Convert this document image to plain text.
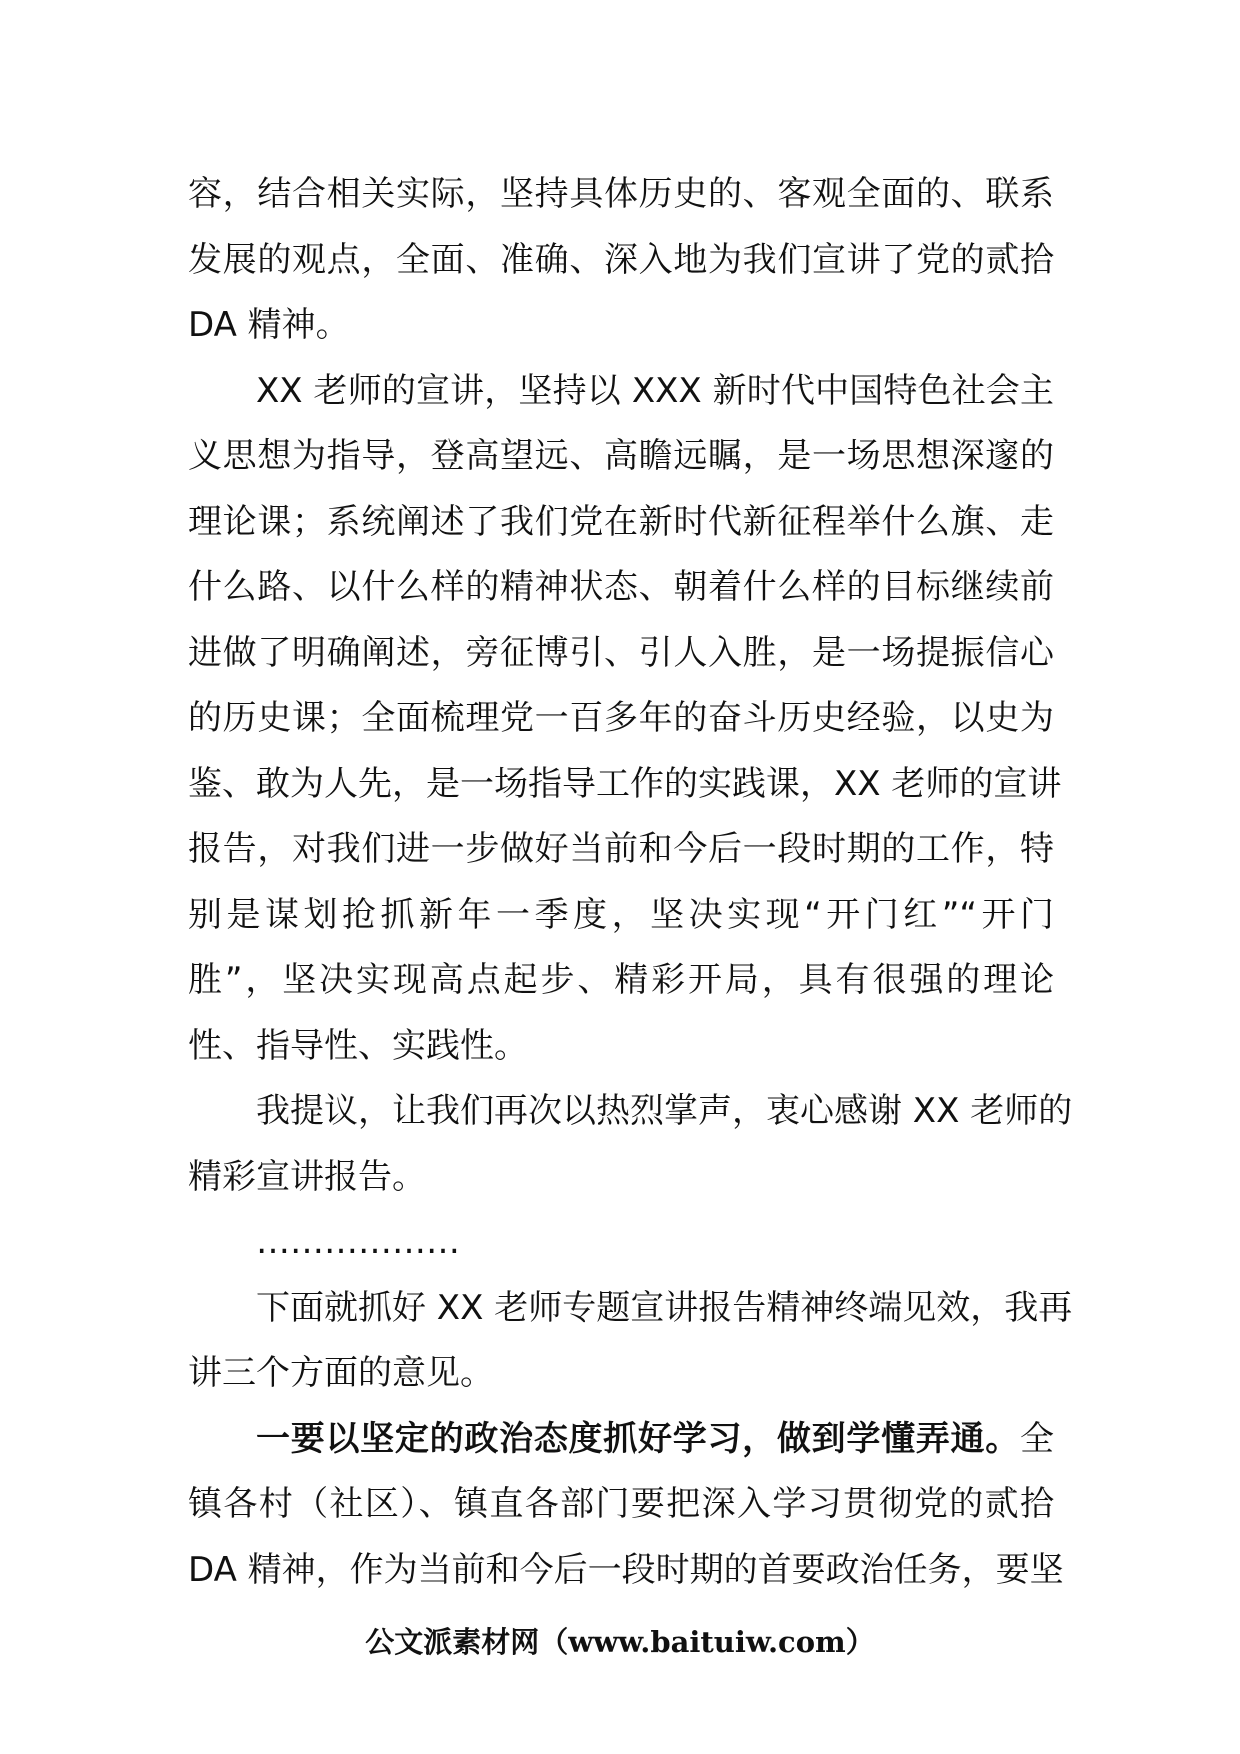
容，结合相关实际，坚持具体历史的、客观全面的、联系
发展的观点，全面、准确、深入地为我们宣讲了党的贰拾
DA 精神。
XX 老师的宣讲，坚持以 XXX 新时代中国特色社会主
义思想为指导，登高望远、高瞻远瞩，是一场思想深邃的
理论课；系统阐述了我们党在新时代新征程举什么旗、走
什么路、以什么样的精神状态、朝着什么样的目标继续前
进做了明确阐述，旁征博引、引人入胜，是一场提振信心
的历史课；全面梳理党一百多年的奋斗历史经验，以史为
鉴、敢为人先，是一场指导工作的实践课，XX 老师的宣讲
报告，对我们进一步做好当前和今后一段时期的工作，特
别是谋划抢抓新年一季度，坚决实现“开门红”“开门
胜”，坚决实现高点起步、精彩开局，具有很强的理论
性、指导性、实践性。
我提议，让我们再次以热烈掌声，衷心感谢 XX 老师的
精彩宣讲报告。
………………
下面就抓好 XX 老师专题宣讲报告精神终端见效，我再
讲三个方面的意见。
一要以坚定的政治态度抓好学习，做到学懂弄通。全
镇各村（社区）、镇直各部门要把深入学习贯彻党的贰拾
DA 精神，作为当前和今后一段时期的首要政治任务，要坚
公文派素材网（www.baituiw.com）
